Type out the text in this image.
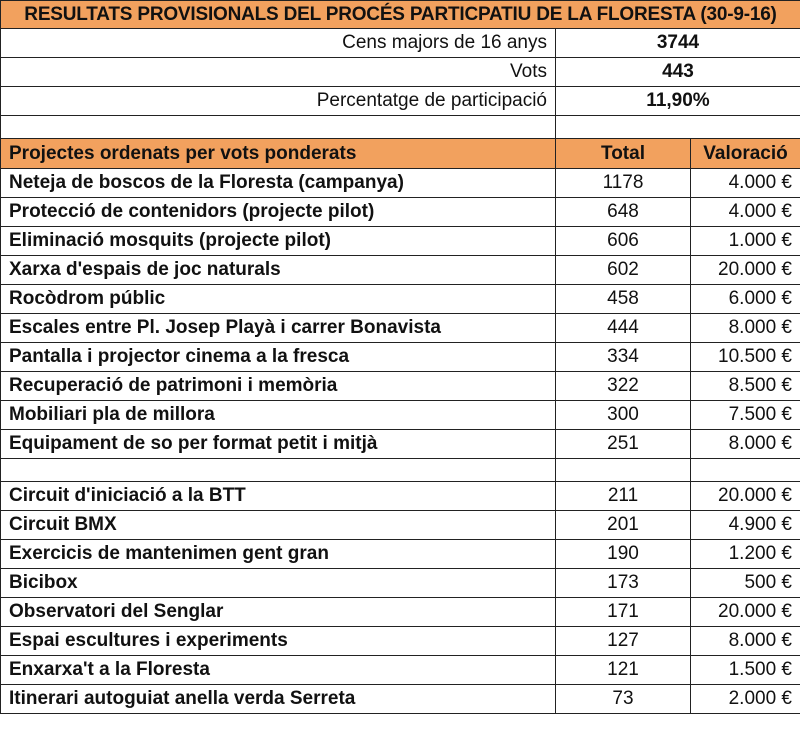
RESULTATS PROVISIONALS DEL PROCÉS PARTICPATIU DE LA FLORESTA (30-9-16)		
Cens majors de 16 anys	3744	
Vots	443	
Percentatge de participació	11,90%	

Projectes ordenats per vots ponderats	Total	Valoració
Neteja de boscos de la Floresta (campanya)	1178	4.000 €
Protecció de contenidors (projecte pilot)	648	4.000 €
Eliminació mosquits (projecte pilot)	606	1.000 €
Xarxa d'espais de joc naturals	602	20.000 €
Rocòdrom públic	458	6.000 €
Escales entre Pl. Josep Playà i carrer Bonavista	444	8.000 €
Pantalla i projector cinema a la fresca	334	10.500 €
Recuperació de patrimoni i memòria	322	8.500 €
Mobiliari pla de millora	300	7.500 €
Equipament de so per format petit i mitjà	251	8.000 €

Circuit d'iniciació a la BTT	211	20.000 €
Circuit BMX	201	4.900 €
Exercicis de mantenimen gent gran	190	1.200 €
Bicibox	173	500 €
Observatori del Senglar	171	20.000 €
Espai escultures i experiments	127	8.000 €
Enxarxa't a la Floresta	121	1.500 €
Itinerari autoguiat anella verda Serreta	73	2.000 €
